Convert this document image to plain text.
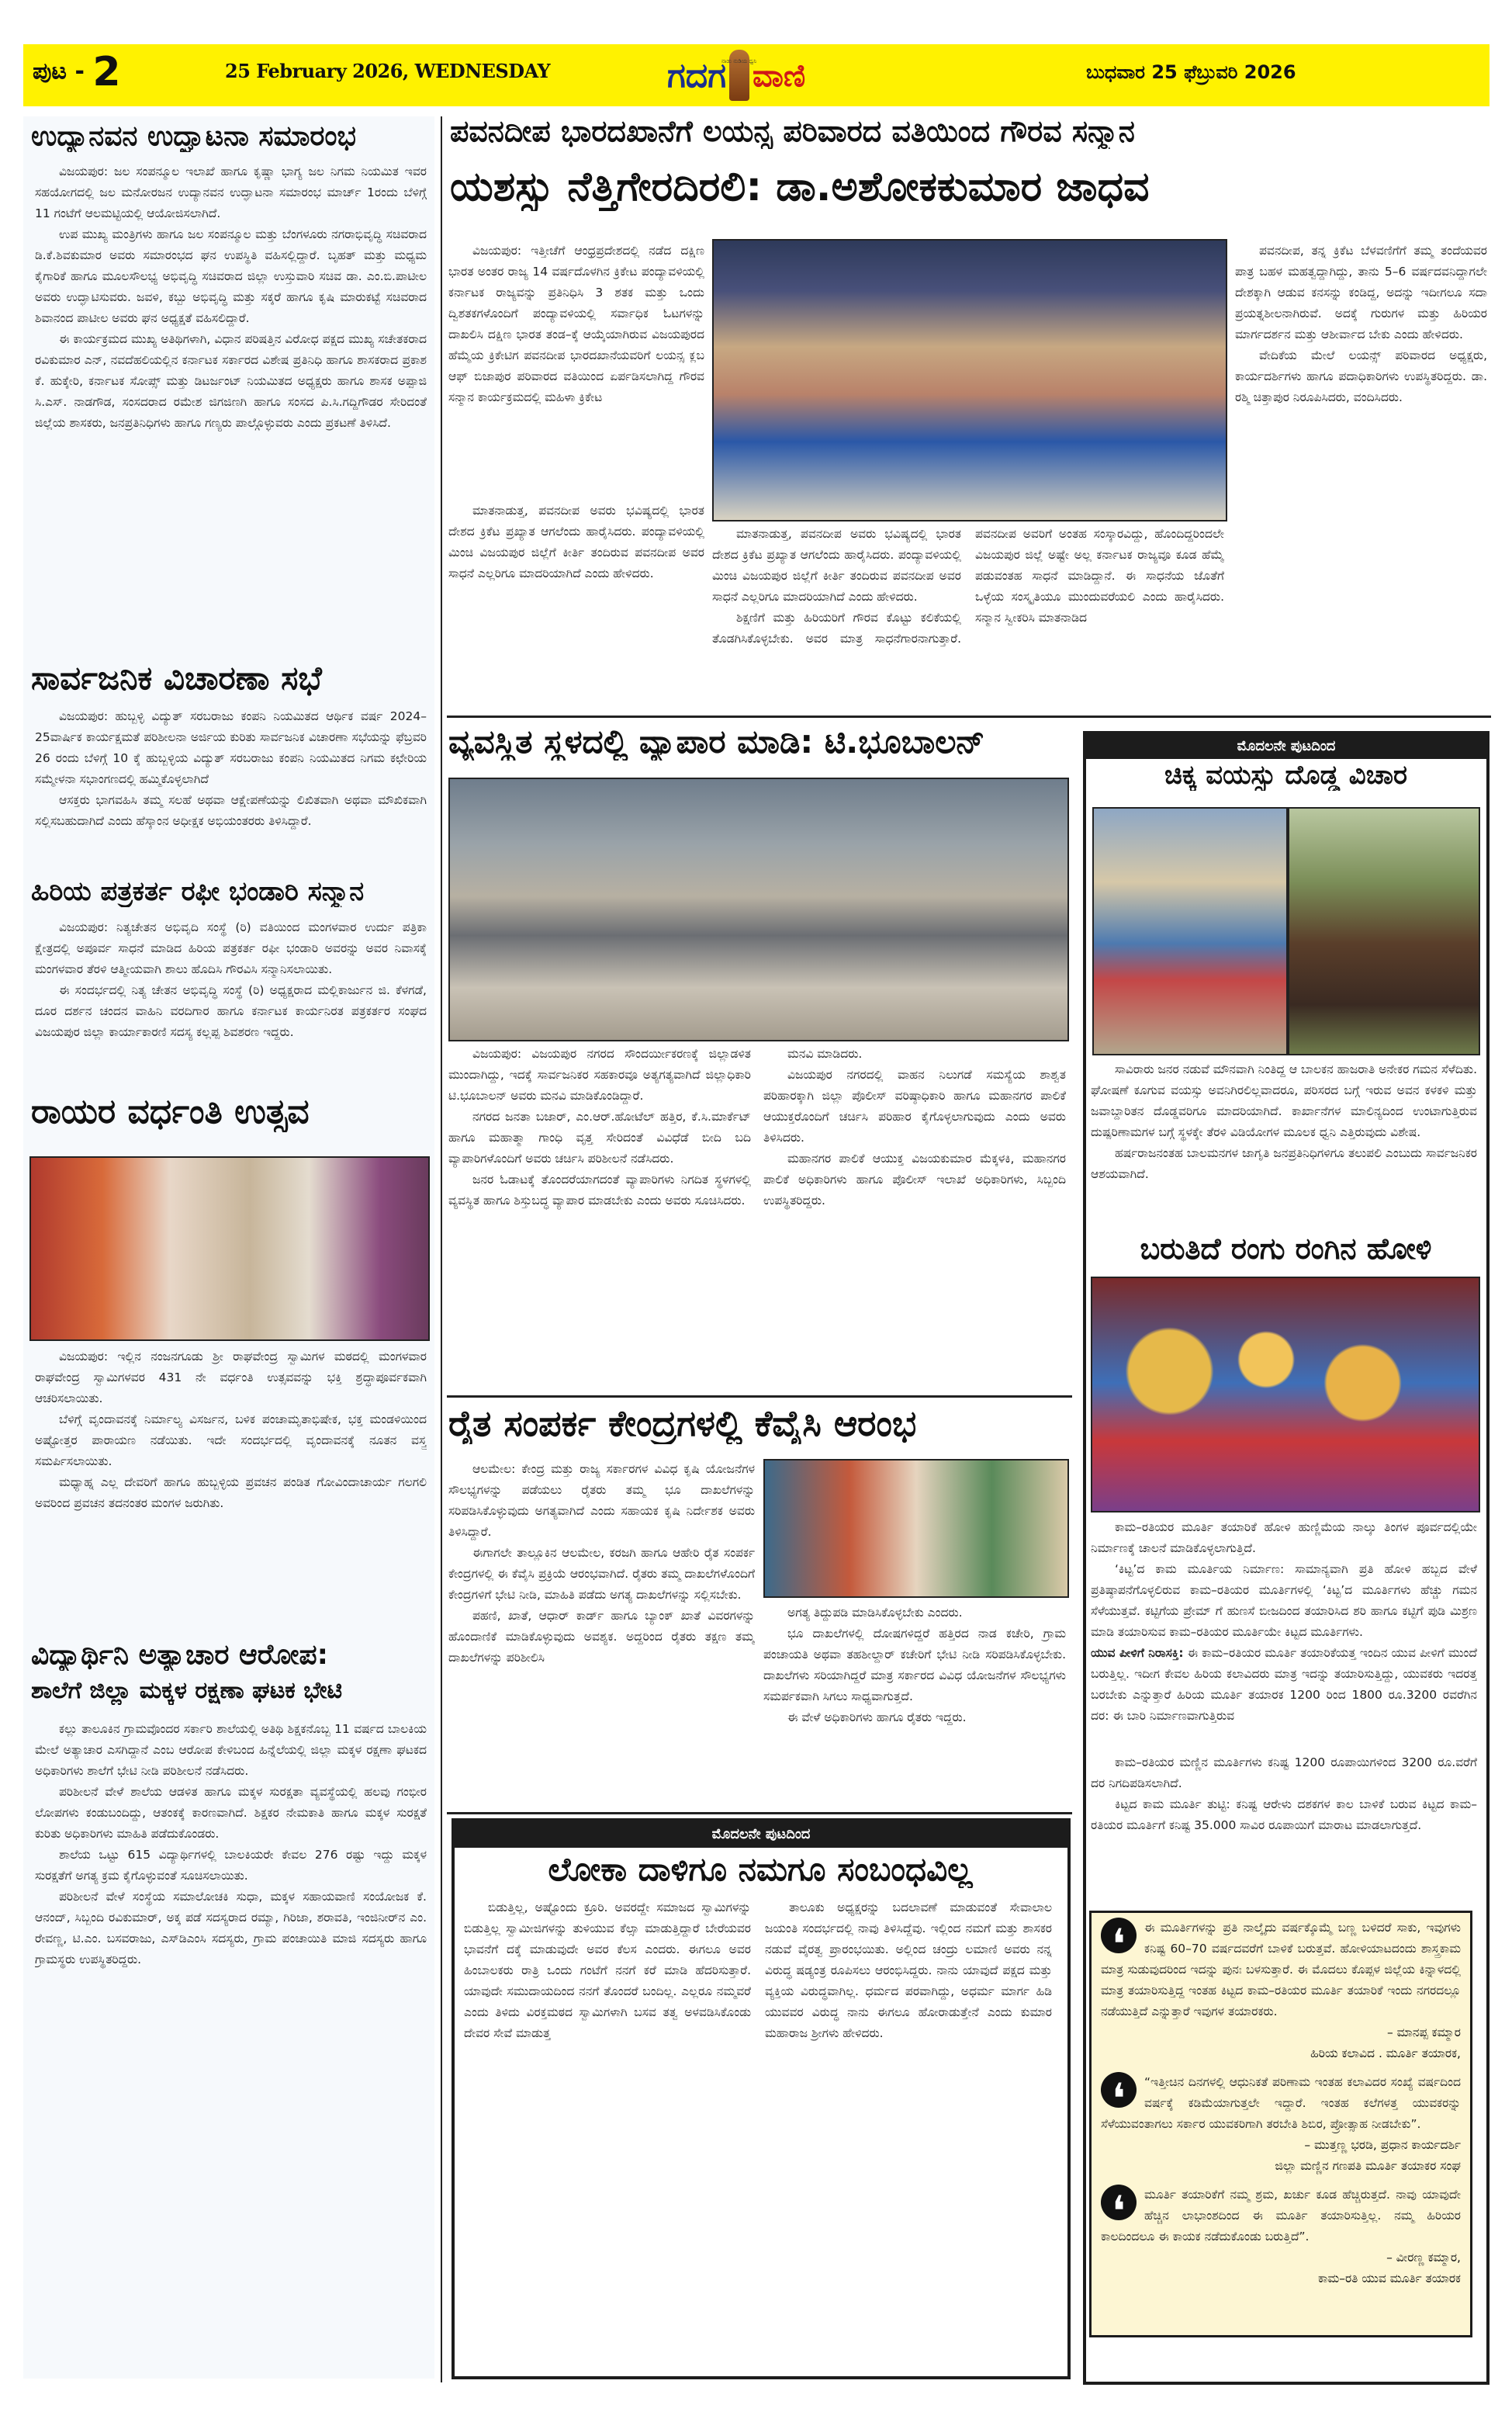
ಪುಟ - 2	25 February 2026, WEDNESDAY	ಗದಗ
ನಾಡು ನುಡಿಯ ಧ್ವನಿ
ವಾಣಿ	ಬುಧವಾರ 25 ಫೆಬ್ರುವರಿ 2026
ಉದ್ಯಾನವನ ಉದ್ಘಾಟನಾ ಸಮಾರಂಭ

ವಿಜಯಪುರ: ಜಲ ಸಂಪನ್ಮೂಲ ಇಲಾಖೆ ಹಾಗೂ ಕೃಷ್ಣಾ ಭಾಗ್ಯ ಜಲ ನಿಗಮ ನಿಯಮಿತ ಇವರ ಸಹಯೋಗದಲ್ಲಿ ಜಲ ಮನೋರಜನ ಉದ್ಯಾನವನ ಉದ್ಘಾಟನಾ ಸಮಾರಂಭ ಮಾರ್ಚ್ 1ರಂದು ಬೆಳಿಗ್ಗೆ 11 ಗಂಟೆಗೆ ಆಲಮಟ್ಟಿಯಲ್ಲಿ ಆಯೋಜಿಸಲಾಗಿದೆ.

ಉಪ ಮುಖ್ಯ ಮಂತ್ರಿಗಳು ಹಾಗೂ ಜಲ ಸಂಪನ್ಮೂಲ ಮತ್ತು ಬೆಂಗಳೂರು ನಗರಾಭಿವೃದ್ಧಿ ಸಚಿವರಾದ ಡಿ.ಕೆ.ಶಿವಕುಮಾರ ಅವರು ಸಮಾರಂಭದ ಘನ ಉಪಸ್ಥಿತಿ ವಹಿಸಲ್ಲಿದ್ದಾರೆ. ಬೃಹತ್ ಮತ್ತು ಮಧ್ಯಮ ಕೈಗಾರಿಕೆ ಹಾಗೂ ಮೂಲಸೌಲಭ್ಯ ಅಭಿವೃದ್ಧಿ ಸಚಿವರಾದ ಜಿಲ್ಲಾ ಉಸ್ತುವಾರಿ ಸಚಿವ ಡಾ. ಎಂ.ಬಿ.ಪಾಟೀಲ ಅವರು ಉದ್ಘಾಟಿಸುವರು. ಜವಳಿ, ಕಬ್ಬು ಅಭಿವೃದ್ಧಿ ಮತ್ತು ಸಕ್ಕರೆ ಹಾಗೂ ಕೃಷಿ ಮಾರುಕಟ್ಟೆ ಸಚಿವರಾದ ಶಿವಾನಂದ ಪಾಟೀಲ ಅವರು ಘನ ಅಧ್ಯಕ್ಷತೆ ವಹಿಸಲಿದ್ದಾರೆ.

ಈ ಕಾರ್ಯಕ್ರಮದ ಮುಖ್ಯ ಅತಿಥಿಗಳಾಗಿ, ವಿಧಾನ ಪರಿಷತ್ತಿನ ವಿರೋಧ ಪಕ್ಷದ ಮುಖ್ಯ ಸಚೇತಕರಾದ ರವಿಕುಮಾರ ಎನ್, ನವದೆಹಲಿಯಲ್ಲಿನ ಕರ್ನಾಟಕ ಸರ್ಕಾರದ ವಿಶೇಷ ಪ್ರತಿನಿಧಿ ಹಾಗೂ ಶಾಸಕರಾದ ಪ್ರಕಾಶ ಕೆ. ಹುಕ್ಕೇರಿ, ಕರ್ನಾಟಕ ಸೋಪ್ಸ್ ಮತ್ತು ಡಿಟರ್ಜಂಟ್ ನಿಯಮಿತದ ಅಧ್ಯಕ್ಷರು ಹಾಗೂ ಶಾಸಕ ಅಪ್ಪಾಜಿ ಸಿ.ಎಸ್. ನಾಡಗೌಡ, ಸಂಸದರಾದ ರಮೇಶ ಜಿಗಜಿಣಗಿ ಹಾಗೂ ಸಂಸದ ಪಿ.ಸಿ.ಗದ್ದಿಗೌಡರ ಸೇರಿದಂತೆ ಜಿಲ್ಲೆಯ ಶಾಸಕರು, ಜನಪ್ರತಿನಿಧಿಗಳು ಹಾಗೂ ಗಣ್ಯರು ಪಾಲ್ಗೊಳ್ಳುವರು ಎಂದು ಪ್ರಕಟಣೆ ತಿಳಿಸಿದೆ.

ಸಾರ್ವಜನಿಕ ವಿಚಾರಣಾ ಸಭೆ

ವಿಜಯಪುರ: ಹುಬ್ಬಳ್ಳಿ ವಿದ್ಯುತ್ ಸರಬರಾಜು ಕಂಪನಿ ನಿಯಮಿತದ ಆರ್ಥಿಕ ವರ್ಷ 2024–25ವಾರ್ಷಿಕ ಕಾರ್ಯಕ್ಷಮತೆ ಪರಿಶೀಲನಾ ಅರ್ಜಿಯ ಕುರಿತು ಸಾರ್ವಜನಿಕ ವಿಚಾರಣಾ ಸಭೆಯನ್ನು ಫೆಬ್ರವರಿ 26 ರಂದು ಬೆಳಿಗ್ಗೆ 10 ಕ್ಕೆ ಹುಬ್ಬಳ್ಳಿಯ ವಿದ್ಯುತ್ ಸರಬರಾಜು ಕಂಪನಿ ನಿಯಮಿತದ ನಿಗಮ ಕಛೇರಿಯ ಸಮ್ಮೇಳನಾ ಸಭಾಂಗಣದಲ್ಲಿ ಹಮ್ಮಿಕೊಳ್ಳಲಾಗಿದೆ

ಆಸಕ್ತರು ಭಾಗವಹಿಸಿ ತಮ್ಮ ಸಲಹೆ ಅಥವಾ ಆಕ್ಷೇಪಣೆಯನ್ನು ಲಿಖಿತವಾಗಿ ಅಥವಾ ಮೌಖಿಕವಾಗಿ ಸಲ್ಲಿಸಬಹುದಾಗಿದೆ ಎಂದು ಹೆಸ್ಕಾಂನ ಅಧೀಕ್ಷಕ ಅಭಿಯಂತರರು ತಿಳಿಸಿದ್ದಾರೆ.

ಹಿರಿಯ ಪತ್ರಕರ್ತ ರಫೀ ಭಂಡಾರಿ ಸನ್ಮಾನ

ವಿಜಯಪುರ: ನಿತ್ಯಚೇತನ ಅಭಿವೃದಿ ಸಂಸ್ಥೆ (ರಿ) ವತಿಯಿಂದ ಮಂಗಳವಾರ ಉರ್ದು ಪತ್ರಿಕಾ ಕ್ಷೇತ್ರದಲ್ಲಿ ಅಪೂರ್ವ ಸಾಧನೆ ಮಾಡಿದ ಹಿರಿಯ ಪತ್ರಕರ್ತ ರಫೀ ಭಂಡಾರಿ ಅವರನ್ನು ಅವರ ನಿವಾಸಕ್ಕೆ ಮಂಗಳವಾರ ತೆರಳಿ ಆತ್ಮೀಯವಾಗಿ ಶಾಲು ಹೊದಿಸಿ ಗೌರವಿಸಿ ಸನ್ಮಾನಿಸಲಾಯಿತು.

ಈ ಸಂದರ್ಭದಲ್ಲಿ ನಿತ್ಯ ಚೇತನ ಅಭಿವೃದ್ಧಿ ಸಂಸ್ಥೆ (ರಿ) ಅಧ್ಯಕ್ಷರಾದ ಮಲ್ಲಿಕಾರ್ಜುನ ಜಿ. ಕೆಳಗಡೆ, ದೂರ ದರ್ಶನ ಚಂದನ ವಾಹಿನಿ ವರದಿಗಾರ ಹಾಗೂ ಕರ್ನಾಟಕ ಕಾರ್ಯನಿರತ ಪತ್ರಕರ್ತರ ಸಂಘದ ವಿಜಯಪುರ ಜಿಲ್ಲಾ ಕಾರ್ಯಾಕಾರಣಿ ಸದಸ್ಯ ಕಲ್ಲಪ್ಪ ಶಿವಶರಣ ಇದ್ದರು.

ರಾಯರ ವರ್ಧಂತಿ ಉತ್ಸವ

ವಿಜಯಪುರ: ಇಲ್ಲಿನ ನಂಜನಗೂಡು ಶ್ರೀ ರಾಘವೇಂದ್ರ ಸ್ವಾಮಿಗಳ ಮಠದಲ್ಲಿ ಮಂಗಳವಾರ ರಾಘವೇಂದ್ರ ಸ್ವಾಮಿಗಳವರ 431 ನೇ ವರ್ಧಂತಿ ಉತ್ಸವವನ್ನು ಭಕ್ತಿ ಶ್ರದ್ಧಾಪೂರ್ವಕವಾಗಿ ಆಚರಿಸಲಾಯಿತು.

ಬೆಳಿಗ್ಗೆ ವೃಂದಾವನಕ್ಕೆ ನಿರ್ಮಾಲ್ಯ ವಿಸರ್ಜನ, ಬಳಿಕ ಪಂಚಾಮೃತಾಭಿಷೇಕ, ಭಕ್ತ ಮಂಡಳಿಯಿಂದ ಅಷ್ಟೋತ್ತರ ಪಾರಾಯಣ ನಡೆಯಿತು. ಇದೇ ಸಂದರ್ಭದಲ್ಲಿ ವೃಂದಾವನಕ್ಕೆ ನೂತನ ವಸ್ತ್ರ ಸಮರ್ಪಿಸಲಾಯಿತು.

ಮಧ್ಯಾಹ್ನ ಎಲ್ಲ ದೇವರಿಗೆ ಹಾಗೂ ಹುಬ್ಬಳ್ಳಿಯ ಪ್ರವಚನ ಪಂಡಿತ ಗೋವಿಂದಾಚಾರ್ಯ ಗಲಗಲಿ ಅವರಿಂದ ಪ್ರವಚನ ತದನಂತರ ಮಂಗಳ ಜರುಗಿತು.

ವಿದ್ಯಾರ್ಥಿನಿ ಅತ್ಯಾಚಾರ ಆರೋಪ:
ಶಾಲೆಗೆ ಜಿಲ್ಲಾ ಮಕ್ಕಳ ರಕ್ಷಣಾ ಘಟಕ ಭೇಟಿ

ಕಲ್ಲು ತಾಲೂಕಿನ ಗ್ರಾಮವೊಂದರ ಸರ್ಕಾರಿ ಶಾಲೆಯಲ್ಲಿ ಅತಿಥಿ ಶಿಕ್ಷಕನೊಬ್ಬ 11 ವರ್ಷದ ಬಾಲಕಿಯ ಮೇಲೆ ಅತ್ಯಾಚಾರ ಎಸಗಿದ್ದಾನೆ ಎಂಬ ಆರೋಪ ಕೇಳಿಬಂದ ಹಿನ್ನೆಲೆಯಲ್ಲಿ ಜಿಲ್ಲಾ ಮಕ್ಕಳ ರಕ್ಷಣಾ ಘಟಕದ ಅಧಿಕಾರಿಗಳು ಶಾಲೆಗೆ ಭೇಟಿ ನೀಡಿ ಪರಿಶೀಲನೆ ನಡೆಸಿದರು.

ಪರಿಶೀಲನೆ ವೇಳೆ ಶಾಲೆಯ ಆಡಳಿತ ಹಾಗೂ ಮಕ್ಕಳ ಸುರಕ್ಷತಾ ವ್ಯವಸ್ಥೆಯಲ್ಲಿ ಹಲವು ಗಂಭೀರ ಲೋಪಗಳು ಕಂಡುಬಂದಿದ್ದು, ಆತಂಕಕ್ಕೆ ಕಾರಣವಾಗಿದೆ. ಶಿಕ್ಷಕರ ನೇಮಕಾತಿ ಹಾಗೂ ಮಕ್ಕಳ ಸುರಕ್ಷತೆ ಕುರಿತು ಅಧಿಕಾರಿಗಳು ಮಾಹಿತಿ ಪಡೆದುಕೊಂಡರು.

ಶಾಲೆಯ ಒಟ್ಟು 615 ವಿದ್ಯಾರ್ಥಿಗಳಲ್ಲಿ ಬಾಲಕಿಯರೇ ಕೇವಲ 276 ರಷ್ಟು ಇದ್ದು ಮಕ್ಕಳ ಸುರಕ್ಷತೆಗೆ ಅಗತ್ಯ ಕ್ರಮ ಕೈಗೊಳ್ಳುವಂತೆ ಸೂಚಿಸಲಾಯಿತು.

ಪರಿಶೀಲನೆ ವೇಳೆ ಸಂಸ್ಥೆಯ ಸಮಾಲೋಚಕಿ ಸುಧಾ, ಮಕ್ಕಳ ಸಹಾಯವಾಣಿ ಸಂಯೋಜಕ ಕೆ. ಆನಂದ್, ಸಿಬ್ಬಂದಿ ರವಿಕುಮಾರ್, ಅಕ್ಕ ಪಡೆ ಸದಸ್ಯರಾದ ರಮ್ಯಾ, ಗಿರಿಜಾ, ಶರಾವತಿ, ಇಂಜಿನೀರ್‌ನ ಎಂ. ರೇವಣ್ಣ, ಟಿ.ಎಂ. ಬಸವರಾಜು, ಎಸ್‌ಡಿಎಂಸಿ ಸದಸ್ಯರು, ಗ್ರಾಮ ಪಂಚಾಯಿತಿ ಮಾಜಿ ಸದಸ್ಯರು ಹಾಗೂ ಗ್ರಾಮಸ್ಥರು ಉಪಸ್ಥಿತರಿದ್ದರು.

ಪವನದೀಪ ಭಾರದಖಾನೆಗೆ ಲಯನ್ಸ ಪರಿವಾರದ ವತಿಯಿಂದ ಗೌರವ ಸನ್ಮಾನ
ಯಶಸ್ಸು ನೆತ್ತಿಗೇರದಿರಲಿ: ಡಾ.ಅಶೋಕಕುಮಾರ ಜಾಧವ

ವಿಜಯಪುರ: ಇತ್ತೀಚೆಗೆ ಆಂಧ್ರಪ್ರದೇಶದಲ್ಲಿ ನಡೆದ ದಕ್ಷಿಣ ಭಾರತ ಅಂತರ ರಾಜ್ಯ 14 ವರ್ಷದೊಳಗಿನ ಕ್ರಿಕೇಟ ಪಂದ್ಯಾವಳಿಯಲ್ಲಿ ಕರ್ನಾಟಕ ರಾಜ್ಯವನ್ನು ಪ್ರತಿನಿಧಿಸಿ 3 ಶತಕ ಮತ್ತು ಒಂದು ದ್ವಿಶತಕಗಳೊಂದಿಗೆ ಪಂದ್ಯಾವಳಿಯಲ್ಲಿ ಸರ್ವಾಧಿಕ ಓಟಗಳನ್ನು ದಾಖಲಿಸಿ ದಕ್ಷಿಣ ಭಾರತ ತಂಡ–ಕ್ಕೆ ಆಯ್ಕೆಯಾಗಿರುವ ವಿಜಯಪುರದ ಹೆಮ್ಮೆಯ ಕ್ರಿಕೇಟಿಗ ಪವನದೀಪ ಭಾರದಖಾನೆಯವರಿಗೆ ಲಯನ್ಸ ಕ್ಲಬ ಆಫ್ ಬಿಜಾಪುರ ಪರಿವಾರದ ವತಿಯಿಂದ ಏರ್ಪಡಿಸಲಾಗಿದ್ದ ಗೌರವ ಸನ್ಮಾನ ಕಾರ್ಯಕ್ರಮದಲ್ಲಿ ಮಹಿಳಾ ಕ್ರಿಕೇಟ

ಮಾತನಾಡುತ್ತ, ಪವನದೀಪ ಅವರು ಭವಿಷ್ಯದಲ್ಲಿ ಭಾರತ ದೇಶದ ಕ್ರಿಕೆಟ ಪ್ರಖ್ಯಾತ ಆಗಲೆಂದು ಹಾರೈಸಿದರು. ಪಂದ್ಯಾವಳಿಯಲ್ಲಿ ಮಿಂಚಿ ವಿಜಯಪುರ ಜಿಲ್ಲೆಗೆ ಕೀರ್ತಿ ತಂದಿರುವ ಪವನದೀಪ ಅವರ ಸಾಧನೆ ಎಲ್ಲರಿಗೂ ಮಾದರಿಯಾಗಿದೆ ಎಂದು ಹೇಳಿದರು.

ಮಾತನಾಡುತ್ತ, ಪವನದೀಪ ಅವರು ಭವಿಷ್ಯದಲ್ಲಿ ಭಾರತ ದೇಶದ ಕ್ರಿಕೆಟ ಪ್ರಖ್ಯಾತ ಆಗಲೆಂದು ಹಾರೈಸಿದರು. ಪಂದ್ಯಾವಳಿಯಲ್ಲಿ ಮಿಂಚಿ ವಿಜಯಪುರ ಜಿಲ್ಲೆಗೆ ಕೀರ್ತಿ ತಂದಿರುವ ಪವನದೀಪ ಅವರ ಸಾಧನೆ ಎಲ್ಲರಿಗೂ ಮಾದರಿಯಾಗಿದೆ ಎಂದು ಹೇಳಿದರು.

ಶಿಕ್ಷಣಿಗೆ ಮತ್ತು ಹಿರಿಯರಿಗೆ ಗೌರವ ಕೊಟ್ಟು ಕಲಿಕೆಯಲ್ಲಿ ತೊಡಗಿಸಿಕೊಳ್ಳಬೇಕು. ಅವರ ಮಾತ್ರ ಸಾಧನೆಗಾರನಾಗುತ್ತಾರೆ. ಪವನದೀಪ ಅವರಿಗೆ ಅಂತಹ ಸಂಸ್ಕಾರವಿದ್ದು, ಹೊಂದಿದ್ದರಿಂದಲೇ ವಿಜಯಪುರ ಜಿಲ್ಲೆ ಅಷ್ಟೇ ಅಲ್ಲ ಕರ್ನಾಟಕ ರಾಜ್ಯವೂ ಕೂಡ ಹೆಮ್ಮೆ ಪಡುವಂತಹ ಸಾಧನೆ ಮಾಡಿದ್ದಾನೆ. ಈ ಸಾಧನೆಯ ಜೊತೆಗೆ ಒಳ್ಳೆಯ ಸಂಸ್ಕೃತಿಯೂ ಮುಂದುವರೆಯಲಿ ಎಂದು ಹಾರೈಸಿದರು. ಸನ್ಮಾನ ಸ್ವೀಕರಿಸಿ ಮಾತನಾಡಿದ

ಪವನದೀಪ, ತನ್ನ ಕ್ರಿಕೆಟ ಬೆಳವಣಿಗೆಗೆ ತಮ್ಮ ತಂದೆಯವರ ಪಾತ್ರ ಬಹಳ ಮಹತ್ವದ್ದಾಗಿದ್ದು, ತಾನು 5–6 ವರ್ಷದವನಿದ್ದಾಗಲೇ ದೇಶಕ್ಕಾಗಿ ಆಡುವ ಕನಸನ್ನು ಕಂಡಿದ್ದ, ಅದನ್ನು ಇದೀಗಲೂ ಸದಾ ಪ್ರಯತ್ನಶೀಲನಾಗಿರುವೆ. ಅದಕ್ಕೆ ಗುರುಗಳ ಮತ್ತು ಹಿರಿಯರ ಮಾರ್ಗದರ್ಶನ ಮತ್ತು ಆಶೀರ್ವಾದ ಬೇಕು ಎಂದು ಹೇಳಿದರು.

ವೇದಿಕೆಯ ಮೇಲೆ ಲಯನ್ಸ್ ಪರಿವಾರದ ಅಧ್ಯಕ್ಷರು, ಕಾರ್ಯದರ್ಶಿಗಳು ಹಾಗೂ ಪದಾಧಿಕಾರಿಗಳು ಉಪಸ್ಥಿತರಿದ್ದರು. ಡಾ. ರಶ್ಮಿ ಚಿತ್ತಾಪುರ ನಿರೂಪಿಸಿದರು, ವಂದಿಸಿದರು.

ವ್ಯವಸ್ಥಿತ ಸ್ಥಳದಲ್ಲಿ ವ್ಯಾಪಾರ ಮಾಡಿ: ಟಿ.ಭೂಬಾಲನ್

ವಿಜಯಪುರ: ವಿಜಯಪುರ ನಗರದ ಸೌಂದರ್ಯೀಕರಣಕ್ಕೆ ಜಿಲ್ಲಾಡಳಿತ ಮುಂದಾಗಿದ್ದು, ಇದಕ್ಕೆ ಸಾರ್ವಜನಿಕರ ಸಹಕಾರವೂ ಅತ್ಯಗತ್ಯವಾಗಿದೆ ಜಿಲ್ಲಾಧಿಕಾರಿ ಟಿ.ಭೂಬಾಲನ್ ಅವರು ಮನವಿ ಮಾಡಿಕೊಂಡಿದ್ದಾರೆ.

ನಗರದ ಜನತಾ ಬಜಾರ್, ಎಂ.ಆರ್.ಹೋಟೆಲ್ ಹತ್ತಿರ, ಕೆ.ಸಿ.ಮಾರ್ಕೆಟ್ ಹಾಗೂ ಮಹಾತ್ಮಾ ಗಾಂಧಿ ವೃತ್ತ ಸೇರಿದಂತೆ ವಿವಿಧೆಡೆ ಬೀದಿ ಬದಿ ವ್ಯಾಪಾರಿಗಳೊಂದಿಗೆ ಅವರು ಚರ್ಚಿಸಿ ಪರಿಶೀಲನೆ ನಡೆಸಿದರು.

ಜನರ ಓಡಾಟಕ್ಕೆ ತೊಂದರೆಯಾಗದಂತೆ ವ್ಯಾಪಾರಿಗಳು ನಿಗದಿತ ಸ್ಥಳಗಳಲ್ಲಿ ವ್ಯವಸ್ಥಿತ ಹಾಗೂ ಶಿಸ್ತುಬದ್ಧ ವ್ಯಾಪಾರ ಮಾಡಬೇಕು ಎಂದು ಅವರು ಸೂಚಿಸಿದರು.

ಮನವಿ ಮಾಡಿದರು.

ವಿಜಯಪುರ ನಗರದಲ್ಲಿ ವಾಹನ ನಿಲುಗಡೆ ಸಮಸ್ಯೆಯ ಶಾಶ್ವತ ಪರಿಹಾರಕ್ಕಾಗಿ ಜಿಲ್ಲಾ ಪೊಲೀಸ್ ವರಿಷ್ಠಾಧಿಕಾರಿ ಹಾಗೂ ಮಹಾನಗರ ಪಾಲಿಕೆ ಆಯುಕ್ತರೊಂದಿಗೆ ಚರ್ಚಿಸಿ ಪರಿಹಾರ ಕೈಗೊಳ್ಳಲಾಗುವುದು ಎಂದು ಅವರು ತಿಳಿಸಿದರು.

ಮಹಾನಗರ ಪಾಲಿಕೆ ಆಯುಕ್ತ ವಿಜಯಕುಮಾರ ಮೆಕ್ಕಳಕಿ, ಮಹಾನಗರ ಪಾಲಿಕೆ ಅಧಿಕಾರಿಗಳು ಹಾಗೂ ಪೊಲೀಸ್ ಇಲಾಖೆ ಅಧಿಕಾರಿಗಳು, ಸಿಬ್ಬಂದಿ ಉಪಸ್ಥಿತರಿದ್ದರು.

ರೈತ ಸಂಪರ್ಕ ಕೇಂದ್ರಗಳಲ್ಲಿ ಕೆವೈಸಿ ಆರಂಭ

ಆಲಮೇಲ: ಕೇಂದ್ರ ಮತ್ತು ರಾಜ್ಯ ಸರ್ಕಾರಗಳ ವಿವಿಧ ಕೃಷಿ ಯೋಜನೆಗಳ ಸೌಲಭ್ಯಗಳನ್ನು ಪಡೆಯಲು ರೈತರು ತಮ್ಮ ಭೂ ದಾಖಲೆಗಳನ್ನು ಸರಿಪಡಿಸಿಕೊಳ್ಳುವುದು ಅಗತ್ಯವಾಗಿದೆ ಎಂದು ಸಹಾಯಕ ಕೃಷಿ ನಿರ್ದೇಶಕ ಅವರು ತಿಳಿಸಿದ್ದಾರೆ.

ಈಗಾಗಲೇ ತಾಲ್ಲೂಕಿನ ಆಲಮೇಲ, ಕರಜಗಿ ಹಾಗೂ ಆಹೇರಿ ರೈತ ಸಂಪರ್ಕ ಕೇಂದ್ರಗಳಲ್ಲಿ ಈ ಕೆವೈಸಿ ಪ್ರಕ್ರಿಯೆ ಆರಂಭವಾಗಿದೆ. ರೈತರು ತಮ್ಮ ದಾಖಲೆಗಳೊಂದಿಗೆ ಕೇಂದ್ರಗಳಿಗೆ ಭೇಟಿ ನೀಡಿ, ಮಾಹಿತಿ ಪಡೆದು ಅಗತ್ಯ ದಾಖಲೆಗಳನ್ನು ಸಲ್ಲಿಸಬೇಕು.

ಪಹಣಿ, ಖಾತೆ, ಆಧಾರ್ ಕಾರ್ಡ್ ಹಾಗೂ ಬ್ಯಾಂಕ್ ಖಾತೆ ವಿವರಗಳನ್ನು ಹೊಂದಾಣಿಕೆ ಮಾಡಿಕೊಳ್ಳುವುದು ಅವಶ್ಯಕ. ಅದ್ದರಿಂದ ರೈತರು ತಕ್ಷಣ ತಮ್ಮ ದಾಖಲೆಗಳನ್ನು ಪರಿಶೀಲಿಸಿ

ಅಗತ್ಯ ತಿದ್ದುಪಡಿ ಮಾಡಿಸಿಕೊಳ್ಳಬೇಕು ಎಂದರು.

ಭೂ ದಾಖಲೆಗಳಲ್ಲಿ ದೋಷಗಳಿದ್ದರೆ ಹತ್ತಿರದ ನಾಡ ಕಚೇರಿ, ಗ್ರಾಮ ಪಂಚಾಯತಿ ಅಥವಾ ತಹಶೀಲ್ದಾರ್ ಕಚೇರಿಗೆ ಭೇಟಿ ನೀಡಿ ಸರಿಪಡಿಸಿಕೊಳ್ಳಬೇಕು. ದಾಖಲೆಗಳು ಸರಿಯಾಗಿದ್ದರೆ ಮಾತ್ರ ಸರ್ಕಾರದ ವಿವಿಧ ಯೋಜನೆಗಳ ಸೌಲಭ್ಯಗಳು ಸಮರ್ಪಕವಾಗಿ ಸಿಗಲು ಸಾಧ್ಯವಾಗುತ್ತದೆ.

ಈ ವೇಳೆ ಅಧಿಕಾರಿಗಳು ಹಾಗೂ ರೈತರು ಇದ್ದರು.

ಮೊದಲನೇ ಪುಟದಿಂದ
ಲೋಕಾ ದಾಳಿಗೂ ನಮಗೂ ಸಂಬಂಧವಿಲ್ಲ

ಬಿಡುತ್ತಿಲ್ಲ, ಅಷ್ಟೊಂದು ಕ್ರೂರಿ. ಅವರದ್ದೇ ಸಮಾಜದ ಸ್ವಾಮಿಗಳನ್ನು ಬಿಡುತ್ತಿಲ್ಲ ಸ್ವಾಮೀಜಿಗಳನ್ನು ತುಳಿಯುವ ಕೆಲ್ಸಾ ಮಾಡುತ್ತಿದ್ದಾರೆ ಬೇರೆಯವರ ಭಾವನೆಗೆ ದಕ್ಕೆ ಮಾಡುವುದೇ ಅವರ ಕೆಲಸ ಎಂದರು. ಈಗಲೂ ಅವರ ಹಿಂಬಾಲಕರು ರಾತ್ರಿ ಒಂದು ಗಂಟೆಗೆ ನನಗೆ ಕರೆ ಮಾಡಿ ಹೆದರಿಸುತ್ತಾರೆ. ಯಾವುದೇ ಸಮುದಾಯದಿಂದ ನನಗೆ ತೊಂದರೆ ಬಂದಿಲ್ಲ. ಎಲ್ಲರೂ ನಮ್ಮವರೆ ಎಂದು ತಿಳಿದು ವಿರಕ್ತಮಠದ ಸ್ವಾಮಿಗಳಾಗಿ ಬಸವ ತತ್ವ ಅಳವಡಿಸಿಕೊಂಡು ದೇವರ ಸೇವೆ ಮಾಡುತ್ತ

ತಾಲೂಕು ಅಧ್ಯಕ್ಷರನ್ನು ಬದಲಾವಣೆ ಮಾಡುವಂತೆ ಸೇವಾಲಾಲ ಜಯಂತಿ ಸಂದರ್ಭದಲ್ಲಿ ನಾವು ತಿಳಿಸಿದ್ದೆವು. ಇಲ್ಲಿಂದ ನಮಗೆ ಮತ್ತು ಶಾಸಕರ ನಡುವೆ ವೈರತ್ವ ಪ್ರಾರಂಭಯಿತು. ಅಲ್ಲಿಂದ ಚಂದ್ರು ಲಮಾಣಿ ಅವರು ನನ್ನ ವಿರುದ್ಧ ಷಡ್ಯಂತ್ರ ರೂಪಿಸಲು ಆರಂಭಿಸಿದ್ದರು. ನಾನು ಯಾವುದೆ ಪಕ್ಷದ ಮತ್ತು ವ್ಯಕ್ತಿಯ ವಿರುದ್ಧವಾಗಿಲ್ಲ. ಧರ್ಮದ ಪರವಾಗಿದ್ದು, ಅಧರ್ಮ ಮಾರ್ಗ ಹಿಡಿ ಯುವವರ ವಿರುದ್ಧ ನಾನು ಈಗಲೂ ಹೋರಾಡುತ್ತೇನೆ ಎಂದು ಕುಮಾರ ಮಹಾರಾಜ ಶ್ರೀಗಳು ಹೇಳಿದರು.

ಮೊದಲನೇ ಪುಟದಿಂದ
ಚಿಕ್ಕ ವಯಸ್ಸು ದೊಡ್ಡ ವಿಚಾರ

ಸಾವಿರಾರು ಜನರ ನಡುವೆ ಮೌನವಾಗಿ ನಿಂತಿದ್ದ ಆ ಬಾಲಕನ ಹಾಜರಾತಿ ಅನೇಕರ ಗಮನ ಸೆಳೆದಿತು. ಘೋಷಣೆ ಕೂಗುವ ವಯಸ್ಸು ಅವನಿಗಿರಲಿಲ್ಲವಾದರೂ, ಪರಿಸರದ ಬಗ್ಗೆ ಇರುವ ಅವನ ಕಳಕಳಿ ಮತ್ತು ಜವಾಬ್ದಾರಿತನ ದೊಡ್ಡವರಿಗೂ ಮಾದರಿಯಾಗಿದೆ. ಕಾರ್ಖಾನೆಗಳ ಮಾಲಿನ್ಯದಿಂದ ಉಂಟಾಗುತ್ತಿರುವ ದುಷ್ಪರಿಣಾಮಗಳ ಬಗ್ಗೆ ಸ್ಥಳಕ್ಕೇ ತೆರಳಿ ವಿಡಿಯೋಗಳ ಮೂಲಕ ಧ್ವನಿ ಎತ್ತಿರುವುದು ವಿಶೇಷ.

ಹರ್ಷರಾಜನಂತಹ ಬಾಲಮನಗಳ ಜಾಗೃತಿ ಜನಪ್ರತಿನಿಧಿಗಳಿಗೂ ತಲುಪಲಿ ಎಂಬುದು ಸಾರ್ವಜನಿಕರ ಆಶಯವಾಗಿದೆ.

ಬರುತಿದೆ ರಂಗು ರಂಗಿನ ಹೋಳಿ

ಕಾಮ–ರತಿಯರ ಮೂರ್ತಿ ತಯಾರಿಕೆ ಹೋಳಿ ಹುಣ್ಣಿಮೆಯ ನಾಲ್ಕು ತಿಂಗಳ ಪೂರ್ವದಲ್ಲಿಯೇ ನಿರ್ಮಾಣಕ್ಕೆ ಚಾಲನೆ ಮಾಡಿಕೊಳ್ಳಲಾಗುತ್ತಿದೆ.

‘ಕಿಟ್ಟ’ದ ಕಾಮ ಮೂರ್ತಿಯ ನಿರ್ಮಾಣ: ಸಾಮಾನ್ಯವಾಗಿ ಪ್ರತಿ ಹೋಳಿ ಹಬ್ಬದ ವೇಳೆ ಪ್ರತಿಷ್ಠಾಪನೆಗೊಳ್ಳಲಿರುವ ಕಾಮ–ರತಿಯರ ಮೂರ್ತಿಗಳಲ್ಲಿ ‘ಕಿಟ್ಟ’ದ ಮೂರ್ತಿಗಳು ಹೆಚ್ಚು ಗಮನ ಸೆಳೆಯುತ್ತವೆ. ಕಟ್ಟಿಗೆಯ ಪ್ರೇಮ್ ಗೆ ಹುಣಸೆ ಬೀಜದಿಂದ ತಯಾರಿಸಿದ ಶರಿ ಹಾಗೂ ಕಟ್ಟಿಗೆ ಪುಡಿ ಮಿಶ್ರಣ ಮಾಡಿ ತಯಾರಿಸುವ ಕಾಮ–ರತಿಯರ ಮೂರ್ತಿಯೇ ಕಿಟ್ಟದ ಮೂರ್ತಿಗಳು.

ಯುವ ಪೀಳಿಗೆ ನಿರಾಸಕ್ತಿ: ಈ ಕಾಮ–ರತಿಯರ ಮೂರ್ತಿ ತಯಾರಿಕೆಯತ್ತ ಇಂದಿನ ಯುವ ಪೀಳಿಗೆ ಮುಂದೆ ಬರುತ್ತಿಲ್ಲ. ಇದೀಗ ಕೇವಲ ಹಿರಿಯ ಕಲಾವಿದರು ಮಾತ್ರ ಇದನ್ನು ತಯಾರಿಸುತ್ತಿದ್ದು, ಯುವಕರು ಇದರತ್ತ ಬರಬೇಕು ಎನ್ನುತ್ತಾರೆ ಹಿರಿಯ ಮೂರ್ತಿ ತಯಾರಕ 1200 ರಿಂದ 1800 ರೂ.3200 ರವರೆಗಿನ ದರ: ಈ ಬಾರಿ ನಿರ್ಮಾಣವಾಗುತ್ತಿರುವ

ಕಾಮ–ರತಿಯರ ಮಣ್ಣಿನ ಮೂರ್ತಿಗಳು ಕನಿಷ್ಟ 1200 ರೂಪಾಯಿಗಳಿಂದ 3200 ರೂ.ವರೆಗೆ ದರ ನಿಗದಿಪಡಿಸಲಾಗಿದೆ.

ಕಿಟ್ಟದ ಕಾಮ ಮೂರ್ತಿ ತುಟ್ಟಿ: ಕನಿಷ್ಟ ಆರೇಳು ದಶಕಗಳ ಕಾಲ ಬಾಳಿಕೆ ಬರುವ ಕಿಟ್ಟದ ಕಾಮ–ರತಿಯರ ಮೂರ್ತಿಗೆ ಕನಿಷ್ಟ 35.000 ಸಾವಿರ ರೂಪಾಯಿಗೆ ಮಾರಾಟ ಮಾಡಲಾಗುತ್ತದೆ.

❛	ಈ ಮೂರ್ತಿಗಳನ್ನು ಪ್ರತಿ ನಾಲ್ಕೈದು ವರ್ಷಕ್ಕೊಮ್ಮೆ ಬಣ್ಣ ಬಳಿದರೆ ಸಾಕು, ಇವುಗಳು ಕನಿಷ್ಟ 60–70 ವರ್ಷದವರೆಗೆ ಬಾಳಿಕೆ ಬರುತ್ತವೆ. ಹೋಳಿಯಾಟದಂದು ಶಾಸ್ತ್ರಕಾಮ ಮಾತ್ರ ಸುಡುವುದರಿಂದ ಇದನ್ನು ಪುನಃ ಬಳಸುತ್ತಾರೆ. ಈ ಮೊದಲು ಕೊಪ್ಪಳ ಜಿಲ್ಲೆಯ ಕಿನ್ನಾಳದಲ್ಲಿ ಮಾತ್ರ ತಯಾರಿಸುತ್ತಿದ್ದ ಇಂತಹ ಕಿಟ್ಟದ ಕಾಮ–ರತಿಯರ ಮೂರ್ತಿ ತಯಾರಿಕೆ ಇಂದು ನಗರದಲ್ಲೂ ನಡೆಯುತ್ತಿದೆ ಎನ್ನುತ್ತಾರೆ ಇವುಗಳ ತಯಾರಕರು.
– ಮಾನಪ್ಪ ಕಮ್ಮಾರ
ಹಿರಿಯ ಕಲಾವಿದ . ಮೂರ್ತಿ ತಯಾರಕ,
❛	“ಇತ್ತೀಚಿನ ದಿನಗಳಲ್ಲಿ ಆಧುನಿಕತೆ ಪರಿಣಾಮ ಇಂತಹ ಕಲಾವಿದರ ಸಂಖ್ಯೆ ವರ್ಷದಿಂದ ವರ್ಷಕ್ಕೆ ಕಡಿಮೆಯಾಗುತ್ತಲೇ ಇದ್ದಾರೆ. ಇಂತಹ ಕಲೆಗಳತ್ತ ಯುವಕರನ್ನು ಸೆಳೆಯುವಂತಾಗಲು ಸರ್ಕಾರ ಯುವಕರಿಗಾಗಿ ತರಬೇತಿ ಶಿಬಿರ, ಪ್ರೋತ್ಸಾಹ ನೀಡಬೇಕು”.
– ಮುತ್ತಣ್ಣ ಭರಡಿ, ಪ್ರಧಾನ ಕಾರ್ಯದರ್ಶಿ
ಜಿಲ್ಲಾ ಮಣ್ಣಿನ ಗಣಪತಿ ಮೂರ್ತಿ ತಯಾಕರ ಸಂಘ
❛	ಮೂರ್ತಿ ತಯಾರಿಕೆಗೆ ನಮ್ಮ ಶ್ರಮ, ಖರ್ಚು ಕೂಡ ಹೆಚ್ಚಿರುತ್ತದೆ. ನಾವು ಯಾವುದೇ ಹೆಚ್ಚಿನ ಲಾಭಾಂಶದಿಂದ ಈ ಮೂರ್ತಿ ತಯಾರಿಸುತ್ತಿಲ್ಲ. ನಮ್ಮ ಹಿರಿಯರ ಕಾಲದಿಂದಲೂ ಈ ಕಾಯಕ ನಡೆದುಕೊಂಡು ಬರುತ್ತಿದೆ”.
– ವೀರಣ್ಣ ಕಮ್ಮಾರ,
ಕಾಮ–ರತಿ ಯುವ ಮೂರ್ತಿ ತಯಾರಕ
